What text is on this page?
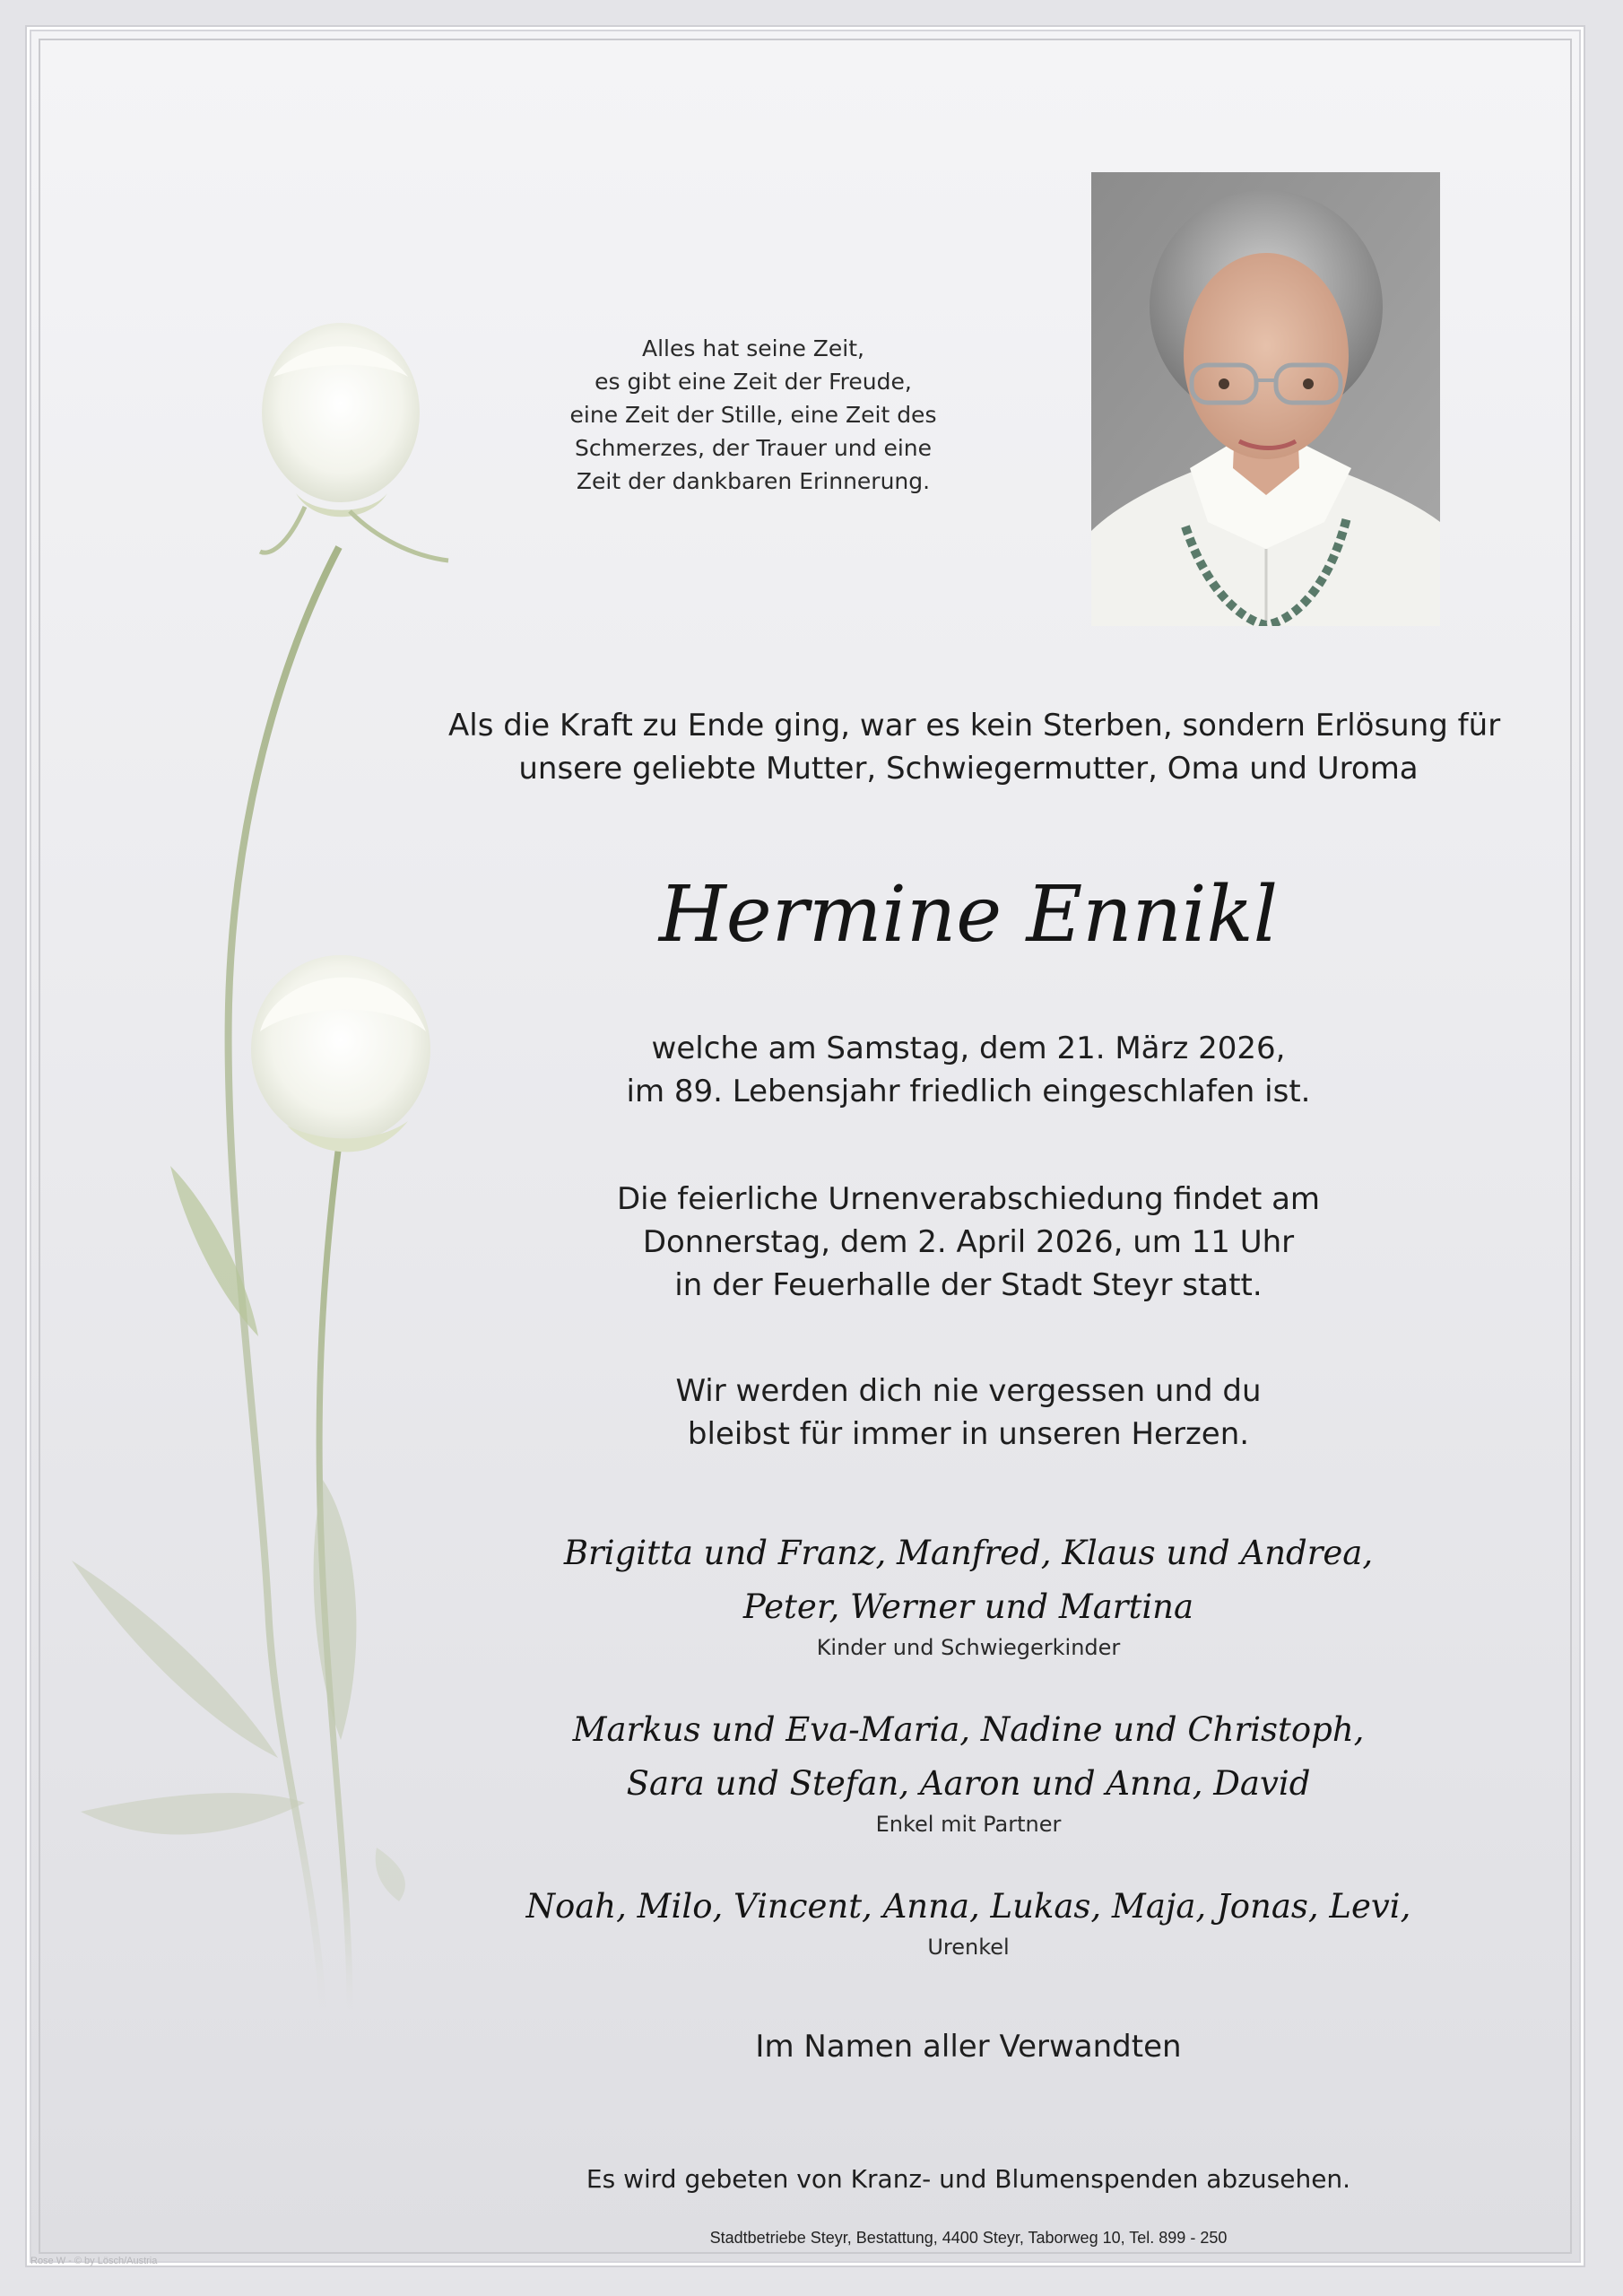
Alles hat seine Zeit,
es gibt eine Zeit der Freude,
eine Zeit der Stille, eine Zeit des
Schmerzes, der Trauer und eine
Zeit der dankbaren Erinnerung.
Als die Kraft zu Ende ging, war es kein Sterben, sondern Erlösung für
unsere geliebte Mutter, Schwiegermutter, Oma und Uroma
Hermine Ennikl
welche am Samstag, dem 21. März 2026,
im 89. Lebensjahr friedlich eingeschlafen ist.
Die feierliche Urnenverabschiedung findet am
Donnerstag, dem 2. April 2026, um 11 Uhr
in der Feuerhalle der Stadt Steyr statt.
Wir werden dich nie vergessen und du
bleibst für immer in unseren Herzen.
Brigitta und Franz, Manfred, Klaus und Andrea,
Peter, Werner und Martina
Kinder und Schwiegerkinder
Markus und Eva-Maria, Nadine und Christoph,
Sara und Stefan, Aaron und Anna, David
Enkel mit Partner
Noah, Milo, Vincent, Anna, Lukas, Maja, Jonas, Levi,
Urenkel
Im Namen aller Verwandten
Es wird gebeten von Kranz- und Blumenspenden abzusehen.
Stadtbetriebe Steyr, Bestattung, 4400 Steyr, Taborweg 10, Tel. 899 - 250
Rose W - © by Lösch/Austria
